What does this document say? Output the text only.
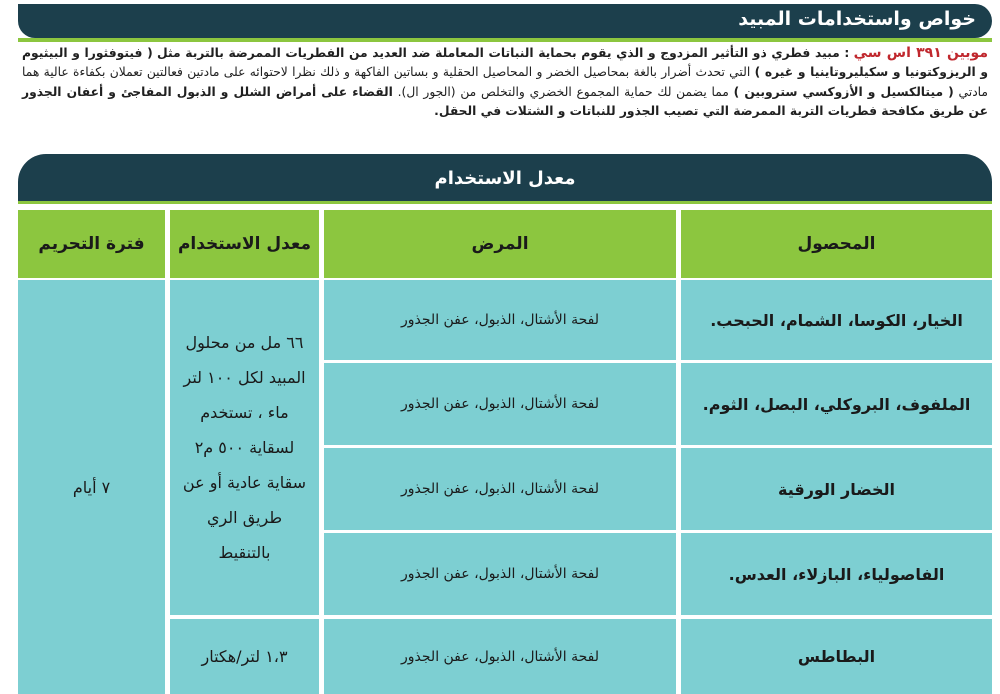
خواص واستخدامات المبيد
موبين ٣٩١ اس سي : مبيد فطري ذو التأثير المزدوج و الذي يقوم بحماية النباتات المعاملة ضد العديد من الفطريات الممرضة بالتربة مثل ( فيتوفثورا و البيثيوم و الريزوكتونيا و سكيليروتاينيا و غيره ) التي تحدث أضرار بالغة بمحاصيل الخضر و المحاصيل الحقلية و بساتين الفاكهة و ذلك نظرا لاحتوائه على مادتين فعالتين تعملان بكفاءة عالية هما مادتي ( ميتالكسيل و الأزوكسي ستروبين ) مما يضمن لك حماية المجموع الخضري والتخلص من (الجور ال). القضاء على أمراض الشلل و الذبول المفاجئ و أعفان الجذور عن طريق مكافحة فطريات التربة الممرضة التي تصيب الجذور للنباتات و الشتلات في الحقل.
معدل الاستخدام
المحصول
المرض
معدل الاستخدام
فترة التحريم
الخيار، الكوسا، الشمام، الحبحب.
لفحة الأشتال، الذبول، عفن الجذور
الملفوف، البروكلي، البصل، الثوم.
لفحة الأشتال، الذبول، عفن الجذور
الخضار الورقية
لفحة الأشتال، الذبول، عفن الجذور
الفاصولياء، البازلاء، العدس.
لفحة الأشتال، الذبول، عفن الجذور
البطاطس
لفحة الأشتال، الذبول، عفن الجذور
٦٦ مل من محلول المبيد لكل ١٠٠ لتر ماء ، تستخدم لسقاية ٥٠٠ م٢ سقاية عادية أو عن طريق الري بالتنقيط
١،٣ لتر/هكتار
٧ أيام
